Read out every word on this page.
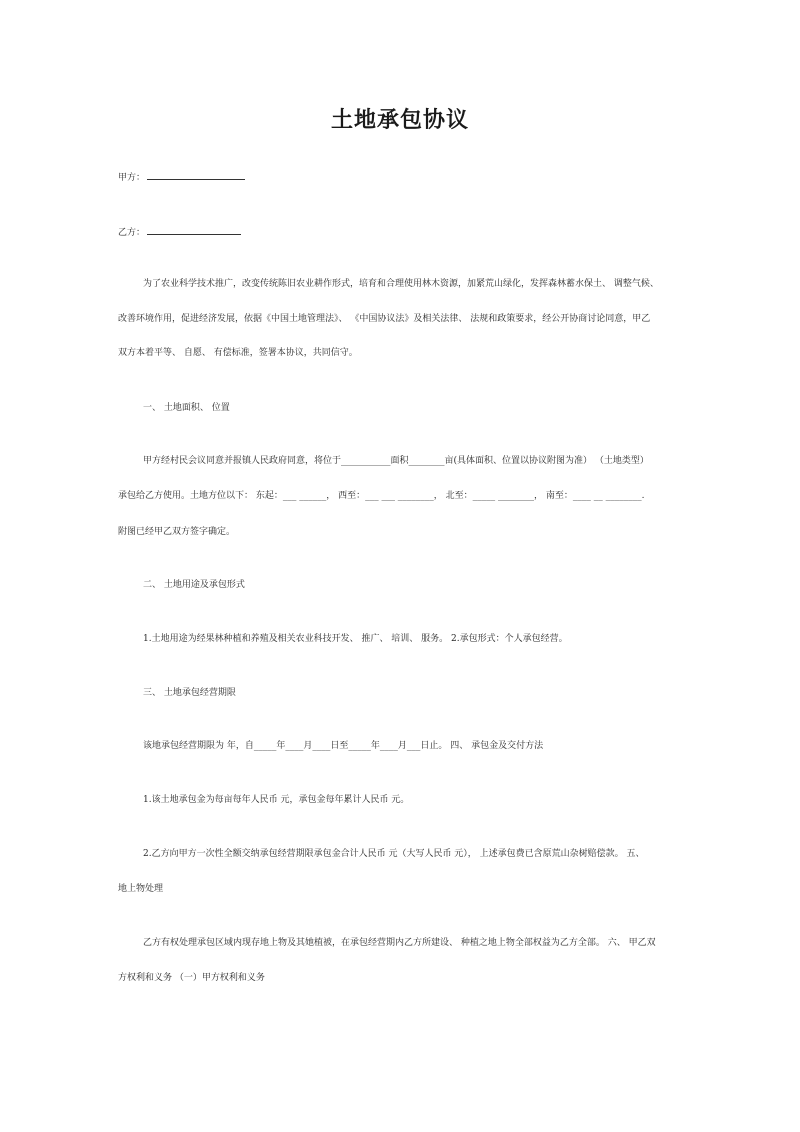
土地承包协议
甲方：
乙方：
为了农业科学技术推广，改变传统陈旧农业耕作形式，培育和合理使用林木资源，加紧荒山绿化，发挥森林蓄水保土、 调整气候、
改善环境作用，促进经济发展，依据《中国土地管理法》、 《中国协议法》及相关法律、 法规和政策要求，经公开协商讨论同意，甲乙
双方本着平等、 自愿、 有偿标准，签署本协议，共同信守。
一、 土地面积、 位置
甲方经村民会议同意并报镇人民政府同意，将位于___________面积________亩(具体面积、位置以协议附图为准） （土地类型）
承包给乙方使用。土地方位以下： 东起：___ ______， 西至：___ ___ ________， 北至：_____ ________， 南至：____ __ ________.
附图已经甲乙双方签字确定。
二、 土地用途及承包形式
1.土地用途为经果林种植和养殖及相关农业科技开发、 推广、 培训、 服务。 2.承包形式：个人承包经营。
三、 土地承包经营期限
该地承包经营期限为 年，自_____年____月____日至_____年____月___日止。 四、 承包金及交付方法
1.该土地承包金为每亩每年人民币 元，承包金每年累计人民币 元。
2.乙方向甲方一次性全额交纳承包经营期限承包金合计人民币 元（大写人民币 元）， 上述承包费已含原荒山杂树赔偿款。 五、
地上物处理
乙方有权处理承包区域内现存地上物及其她植被，在承包经营期内乙方所建设、 种植之地上物全部权益为乙方全部。 六、 甲乙双
方权利和义务 （一）甲方权利和义务
